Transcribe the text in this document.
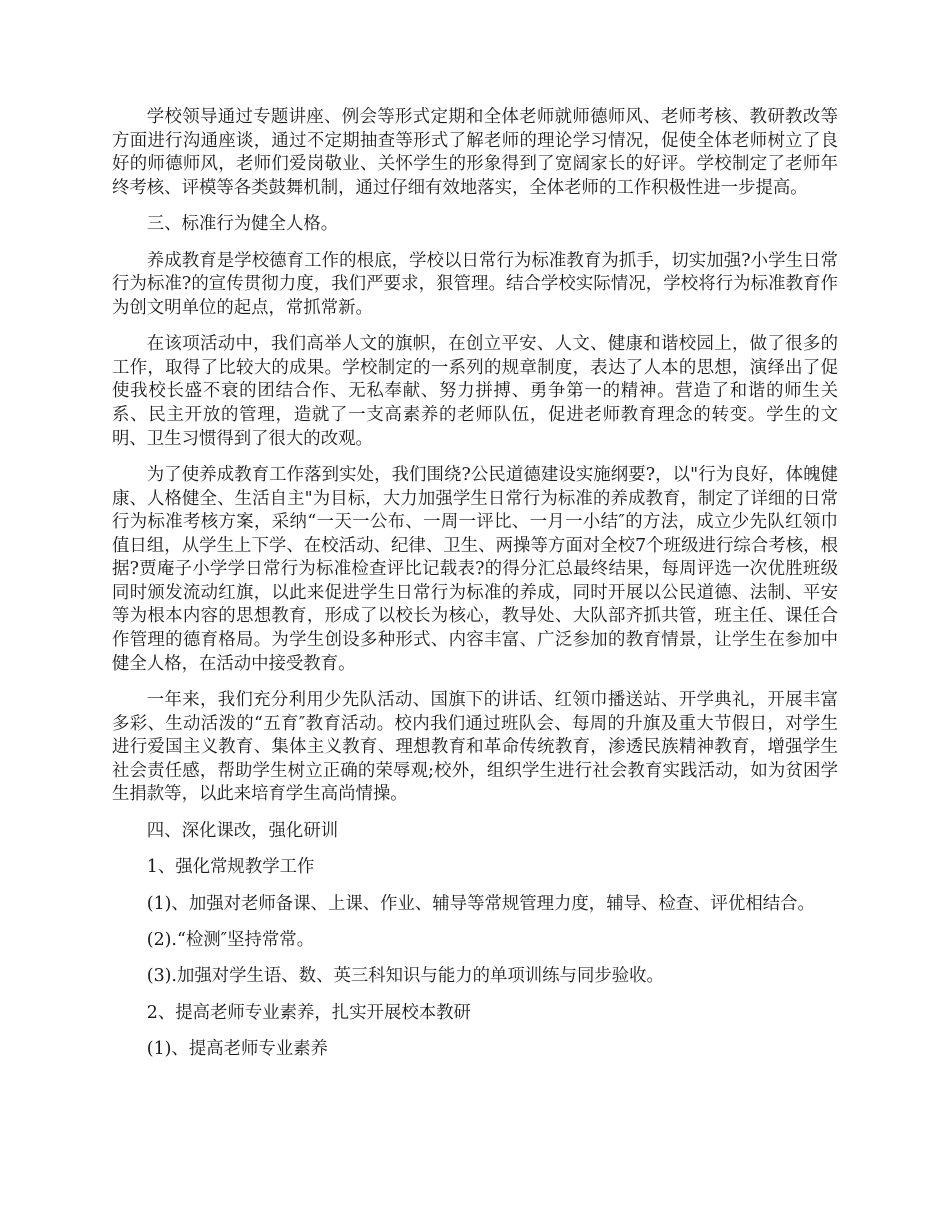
学校领导通过专题讲座、例会等形式定期和全体老师就师德师风、老师考核、教研教改等方面进行沟通座谈，通过不定期抽查等形式了解老师的理论学习情况，促使全体老师树立了良好的师德师风，老师们爱岗敬业、关怀学生的形象得到了宽阔家长的好评。学校制定了老师年终考核、评模等各类鼓舞机制，通过仔细有效地落实，全体老师的工作积极性进一步提高。

三、标准行为健全人格。

养成教育是学校德育工作的根底，学校以日常行为标准教育为抓手，切实加强?小学生日常行为标准?的宣传贯彻力度，我们严要求，狠管理。结合学校实际情况，学校将行为标准教育作为创文明单位的起点，常抓常新。

在该项活动中，我们高举人文的旗帜，在创立平安、人文、健康和谐校园上，做了很多的工作，取得了比较大的成果。学校制定的一系列的规章制度，表达了人本的思想，演绎出了促使我校长盛不衰的团结合作、无私奉献、努力拼搏、勇争第一的精神。营造了和谐的师生关系、民主开放的管理，造就了一支高素养的老师队伍，促进老师教育理念的转变。学生的文明、卫生习惯得到了很大的改观。

为了使养成教育工作落到实处，我们围绕?公民道德建设实施纲要?，以"行为良好，体魄健康、人格健全、生活自主"为目标，大力加强学生日常行为标准的养成教育，制定了详细的日常行为标准考核方案，采纳“一天一公布、一周一评比、一月一小结″的方法，成立少先队红领巾值日组，从学生上下学、在校活动、纪律、卫生、两操等方面对全校7个班级进行综合考核，根据?贾庵子小学学日常行为标准检查评比记载表?的得分汇总最终结果，每周评选一次优胜班级同时颁发流动红旗，以此来促进学生日常行为标准的养成，同时开展以公民道德、法制、平安等为根本内容的思想教育，形成了以校长为核心，教导处、大队部齐抓共管，班主任、课任合作管理的德育格局。为学生创设多种形式、内容丰富、广泛参加的教育情景，让学生在参加中健全人格，在活动中接受教育。

一年来，我们充分利用少先队活动、国旗下的讲话、红领巾播送站、开学典礼，开展丰富多彩、生动活泼的“五育″教育活动。校内我们通过班队会、每周的升旗及重大节假日，对学生进行爱国主义教育、集体主义教育、理想教育和革命传统教育，渗透民族精神教育，增强学生社会责任感，帮助学生树立正确的荣辱观;校外，组织学生进行社会教育实践活动，如为贫困学生捐款等，以此来培育学生高尚情操。

四、深化课改，强化研训

1、强化常规教学工作

(1)、加强对老师备课、上课、作业、辅导等常规管理力度，辅导、检查、评优相结合。

(2).“检测″坚持常常。

(3).加强对学生语、数、英三科知识与能力的单项训练与同步验收。

2、提高老师专业素养，扎实开展校本教研

(1)、提高老师专业素养
